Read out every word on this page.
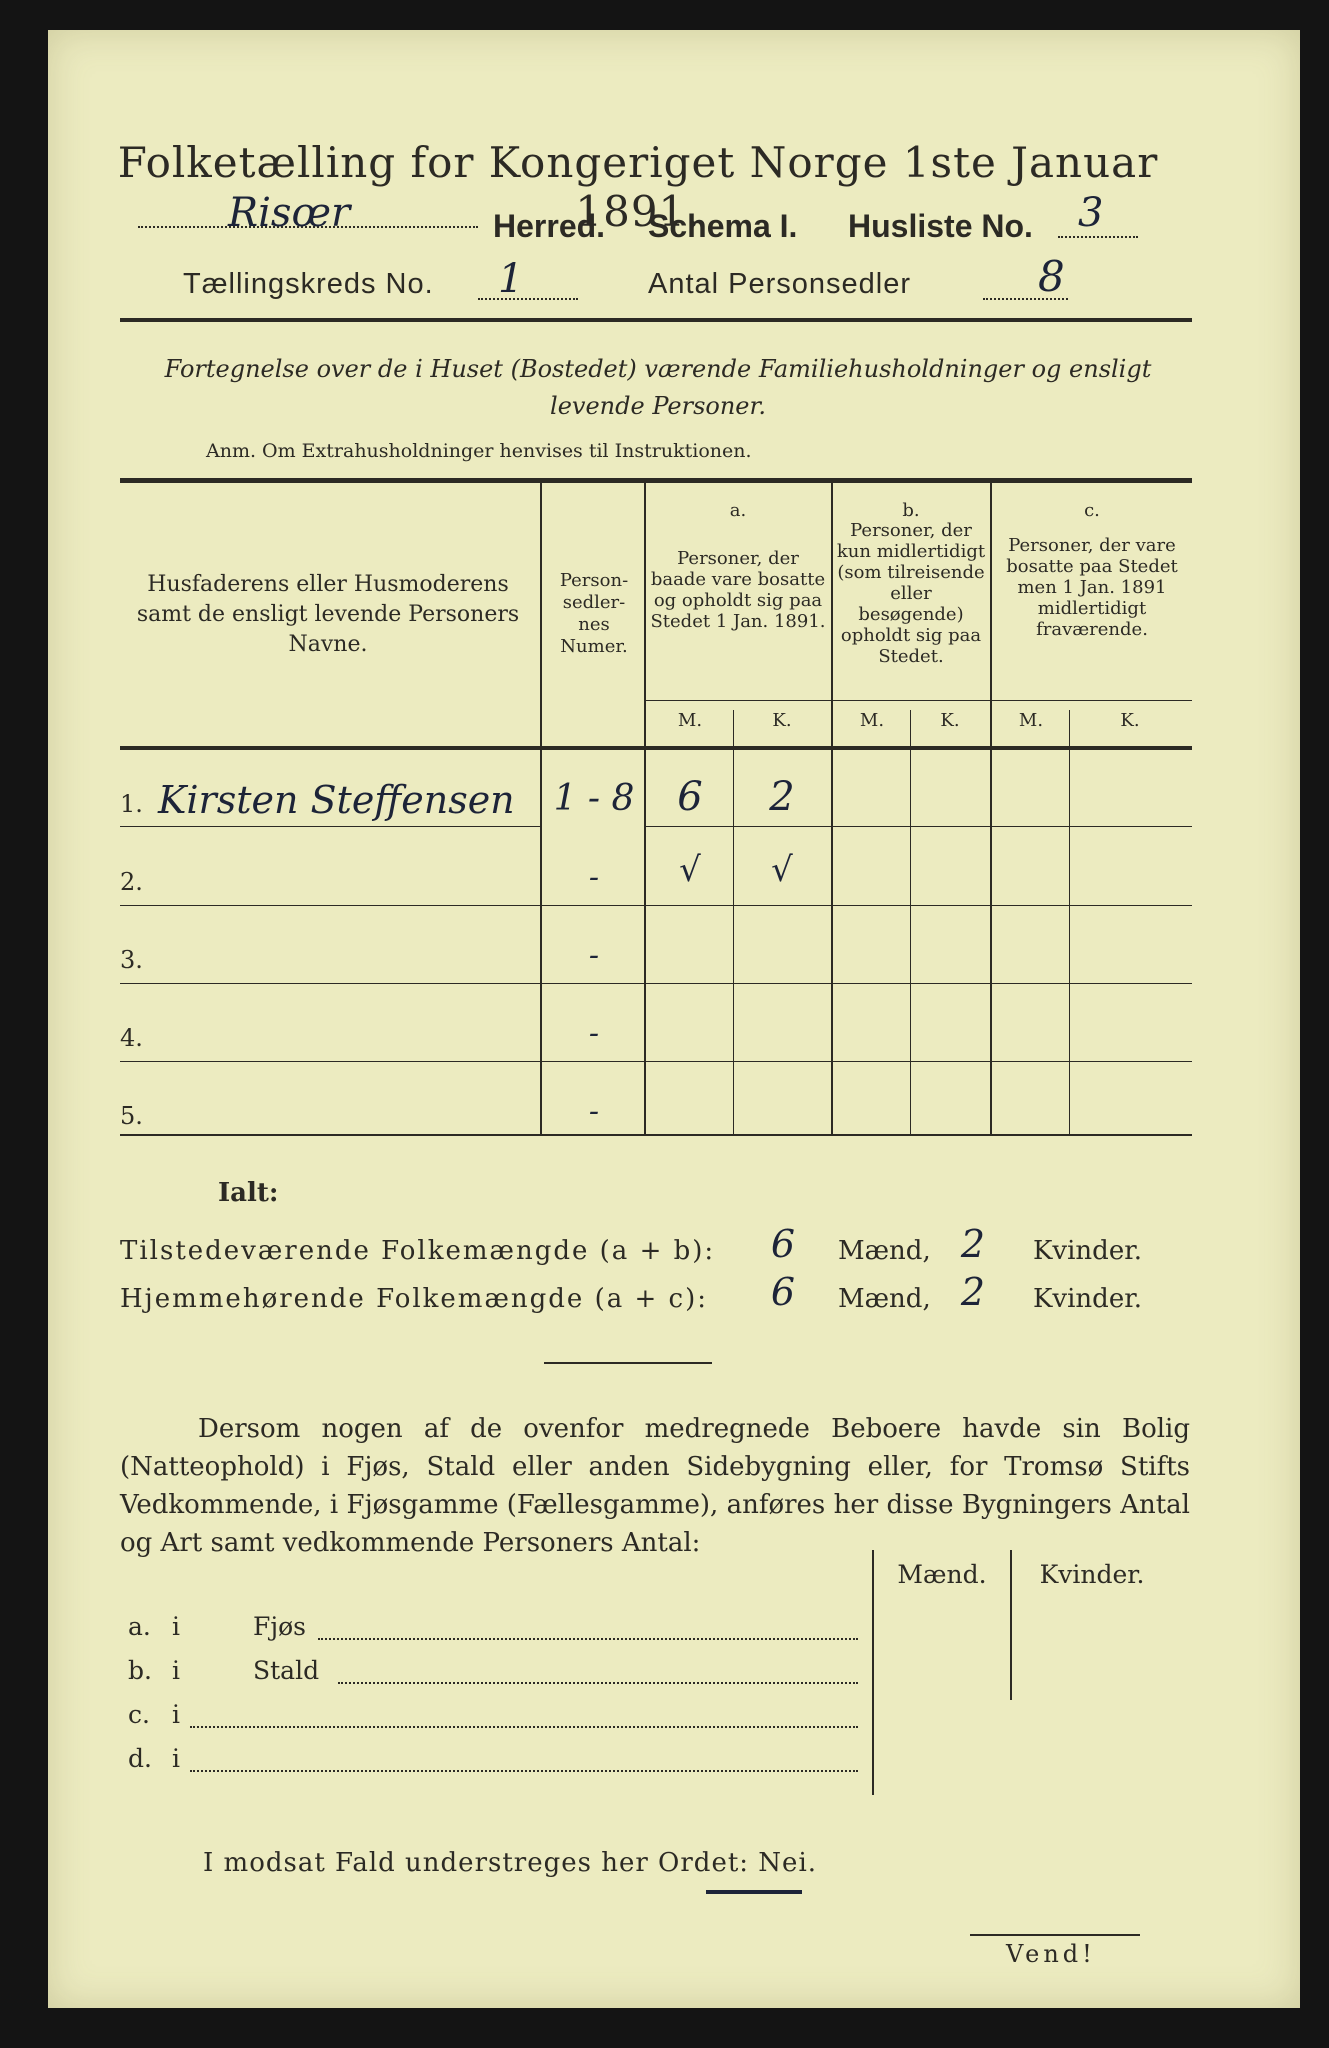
Folketælling for Kongeriget Norge 1ste Januar 1891.
Risœr	Herred. Schema I. Husliste No. 3
Tællingskreds No. 1	Antal Personsedler	8
Fortegnelse over de i Huset (Bostedet) værende Familiehusholdninger og ensligt
levende Personer.
Anm. Om Extrahusholdninger henvises til Instruktionen.
Husfaderens eller Husmoderens samt de ensligt levende Personers Navne.
Person-sedler-nes Numer.
a.
Personer, der baade vare bosatte og opholdt sig paa Stedet 1 Jan. 1891.
b.
Personer, der kun midlertidigt (som tilreisende eller besøgende) opholdt sig paa Stedet.
c.
Personer, der vare bosatte paa Stedet men 1 Jan. 1891 midlertidigt fraværende.
M.	K.	M.	K.	M.	K.
1. Kirsten Steffensen 1 - 8	6	2
2.	-	√	√
3.	-
4.	-
5.	-
Ialt:
Tilstedeværende Folkemængde (a + b):	6	Mænd, 2	Kvinder.
Hjemmehørende Folkemængde (a + c):	6	Mænd, 2	Kvinder.
Dersom nogen af de ovenfor medregnede Beboere havde sin Bolig (Natteophold) i Fjøs, Stald eller anden Sidebygning eller, for Tromsø Stifts Vedkommende, i Fjøsgamme (Fællesgamme), anføres her disse Bygningers Antal og Art samt vedkommende Personers Antal:
Mænd.	Kvinder.
a. i	Fjøs
b. i	Stald
c. i
d. i
I modsat Fald understreges her Ordet: Nei.
Vend!
